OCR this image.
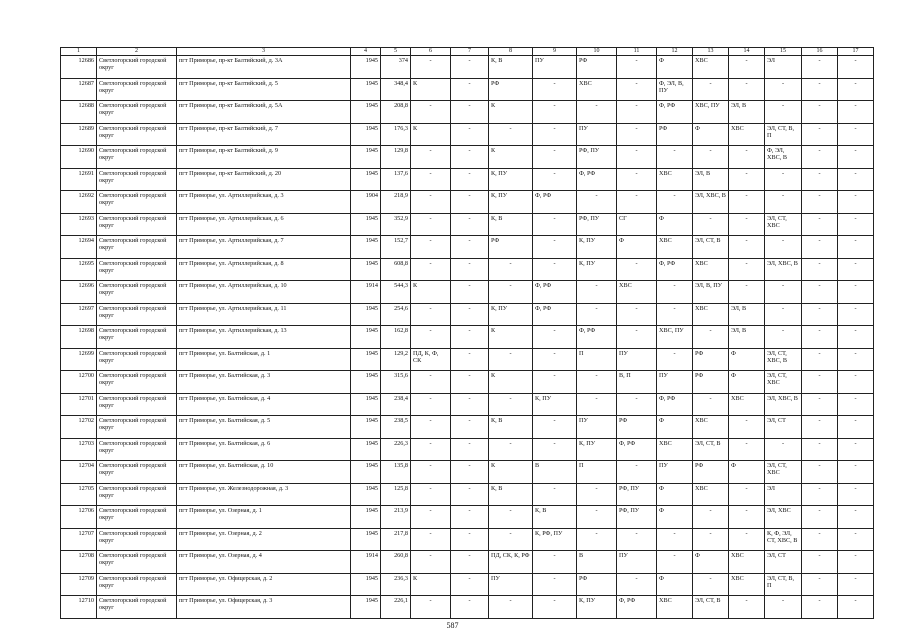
1	2	3	4	5	6	7	8	9	10	11	12	13	14	15	16	17
12686	Светлогорский городской округ	пгт Приморье, пр-кт Балтийский, д. 3А	1945	374	-	-	К, В	ПУ	РФ	-	Ф	ХВС	-	ЭЛ	-	-
12687	Светлогорский городской округ	пгт Приморье, пр-кт Балтийский, д. 5	1945	348,4	К	-	РФ	-	ХВС	-	Ф, ЭЛ, В, ПУ	-	-	-	-	-
12688	Светлогорский городской округ	пгт Приморье, пр-кт Балтийский, д. 5А	1945	208,8	-	-	К	-	-	-	Ф, РФ	ХВС, ПУ	ЭЛ, В	-	-	-
12689	Светлогорский городской округ	пгт Приморье, пр-кт Балтийский, д. 7	1945	176,3	К	-	-	-	ПУ	-	РФ	Ф	ХВС	ЭЛ, СТ, В, П	-	-
12690	Светлогорский городской округ	пгт Приморье, пр-кт Балтийский, д. 9	1945	129,8	-	-	К	-	РФ, ПУ	-	-	-	-	Ф, ЭЛ, ХВС, В	-	-
12691	Светлогорский городской округ	пгт Приморье, пр-кт Балтийский, д. 20	1945	137,6	-	-	К, ПУ	-	Ф, РФ	-	ХВС	ЭЛ, В	-	-	-	-
12692	Светлогорский городской округ	пгт Приморье, ул. Артиллерийская, д. 3	1904	218,9	-	-	К, ПУ	Ф, РФ	-	-	-	ЭЛ, ХВС, В	-	-	-	-
12693	Светлогорский городской округ	пгт Приморье, ул. Артиллерийская, д. 6	1945	352,9	-	-	К, В	-	РФ, ПУ	СГ	Ф	-	-	ЭЛ, СТ, ХВС	-	-
12694	Светлогорский городской округ	пгт Приморье, ул. Артиллерийская, д. 7	1945	152,7	-	-	РФ	-	К, ПУ	Ф	ХВС	ЭЛ, СТ, В	-	-	-	-
12695	Светлогорский городской округ	пгт Приморье, ул. Артиллерийская, д. 8	1945	608,8	-	-	-	-	К, ПУ	-	Ф, РФ	ХВС	-	ЭЛ, ХВС, В	-	-
12696	Светлогорский городской округ	пгт Приморье, ул. Артиллерийская, д. 10	1914	544,3	К	-	-	Ф, РФ	-	ХВС	-	ЭЛ, В, ПУ	-	-	-	-
12697	Светлогорский городской округ	пгт Приморье, ул. Артиллерийская, д. 11	1945	254,6	-	-	К, ПУ	Ф, РФ	-	-	-	ХВС	ЭЛ, В	-	-	-
12698	Светлогорский городской округ	пгт Приморье, ул. Артиллерийская, д. 13	1945	162,8	-	-	К	-	Ф, РФ	-	ХВС, ПУ	-	ЭЛ, В	-	-	-
12699	Светлогорский городской округ	пгт Приморье, ул. Балтийская, д. 1	1945	129,2	ПД, К, Ф, СК	-	-	-	П	ПУ	-	РФ	Ф	ЭЛ, СТ, ХВС, В	-	-
12700	Светлогорский городской округ	пгт Приморье, ул. Балтийская, д. 3	1945	315,6	-	-	К	-	-	В, П	ПУ	РФ	Ф	ЭЛ, СТ, ХВС	-	-
12701	Светлогорский городской округ	пгт Приморье, ул. Балтийская, д. 4	1945	238,4	-	-	-	К, ПУ	-	-	Ф, РФ	-	ХВС	ЭЛ, ХВС, В	-	-
12702	Светлогорский городской округ	пгт Приморье, ул. Балтийская, д. 5	1945	238,5	-	-	К, В	-	ПУ	РФ	Ф	ХВС	-	ЭЛ, СТ	-	-
12703	Светлогорский городской округ	пгт Приморье, ул. Балтийская, д. 6	1945	226,3	-	-	-	-	К, ПУ	Ф, РФ	ХВС	ЭЛ, СТ, В	-	-	-	-
12704	Светлогорский городской округ	пгт Приморье, ул. Балтийская, д. 10	1945	135,8	-	-	К	В	П	-	ПУ	РФ	Ф	ЭЛ, СТ, ХВС	-	-
12705	Светлогорский городской округ	пгт Приморье, ул. Железнодорожная, д. 3	1945	125,8	-	-	К, В	-	-	РФ, ПУ	Ф	ХВС	-	ЭЛ	-	-
12706	Светлогорский городской округ	пгт Приморье, ул. Озерная, д. 1	1945	213,9	-	-	-	К, В	-	РФ, ПУ	Ф	-	-	ЭЛ, ХВС	-	-
12707	Светлогорский городской округ	пгт Приморье, ул. Озерная, д. 2	1945	217,8	-	-	-	К, РФ, ПУ	-	-	-	-	-	К, Ф, ЭЛ, СТ, ХВС, В	-	-
12708	Светлогорский городской округ	пгт Приморье, ул. Озерная, д. 4	1914	260,8	-	-	ПД, СК, К, РФ	-	В	ПУ	-	Ф	ХВС	ЭЛ, СТ	-	-
12709	Светлогорский городской округ	пгт Приморье, ул. Офицерская, д. 2	1945	236,3	К	-	ПУ	-	РФ	-	Ф	-	ХВС	ЭЛ, СТ, В, П	-	-
12710	Светлогорский городской округ	пгт Приморье, ул. Офицерская, д. 3	1945	226,1	-	-	-	-	К, ПУ	Ф, РФ	ХВС	ЭЛ, СТ, В	-	-	-	-
587
